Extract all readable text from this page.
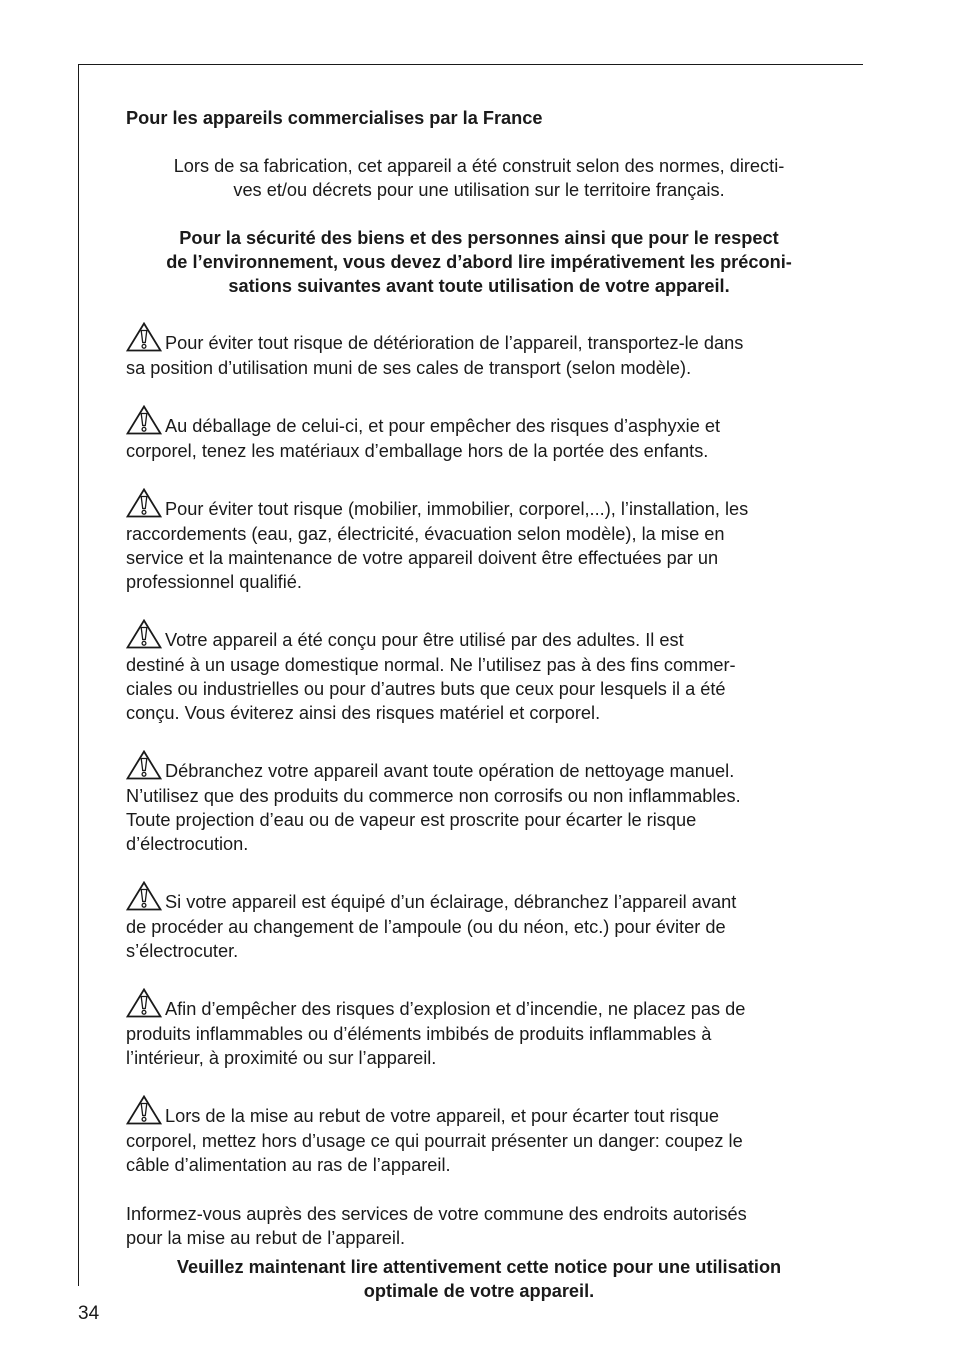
Pour les appareils commercialises par la France
Lors de sa fabrication, cet appareil a été construit selon des normes, directi-
ves et/ou décrets pour une utilisation sur le territoire français.
Pour la sécurité des biens et des personnes ainsi que pour le respect
de l’environnement, vous devez d’abord lire impérativement les préconi-
sations suivantes avant toute utilisation de votre appareil.
Pour éviter tout risque de détérioration de l’appareil, transportez-le dans
sa position d’utilisation muni de ses cales de transport (selon modèle).
Au déballage de celui-ci, et pour empêcher des risques d’asphyxie et
corporel, tenez les matériaux d’emballage hors de la portée des enfants.
Pour éviter tout risque (mobilier, immobilier, corporel,...), l’installation, les
raccordements (eau, gaz, électricité, évacuation selon modèle), la mise en
service et la maintenance de votre appareil doivent être effectuées par un
professionnel qualifié.
Votre appareil a été conçu pour être utilisé par des adultes. Il est
destiné à un usage domestique normal. Ne l’utilisez pas à des fins commer-
ciales ou industrielles ou pour d’autres buts que ceux pour lesquels il a été
conçu. Vous éviterez ainsi des risques matériel et corporel.
Débranchez votre appareil avant toute opération de nettoyage manuel.
N’utilisez que des produits du commerce non corrosifs ou non inflammables.
Toute projection d’eau ou de vapeur est proscrite pour écarter le risque
d’électrocution.
Si votre appareil est équipé d’un éclairage, débranchez l’appareil avant
de procéder au changement de l’ampoule (ou du néon, etc.) pour éviter de
s’électrocuter.
Afin d’empêcher des risques d’explosion et d’incendie, ne placez pas de
produits inflammables ou d’éléments imbibés de produits inflammables à
l’intérieur, à proximité ou sur l’appareil.
Lors de la mise au rebut de votre appareil, et pour écarter tout risque
corporel, mettez hors d’usage ce qui pourrait présenter un danger: coupez le
câble d’alimentation au ras de l’appareil.
Informez-vous auprès des services de votre commune des endroits autorisés
pour la mise au rebut de l’appareil.
Veuillez maintenant lire attentivement cette notice pour une utilisation
optimale de votre appareil.
34
